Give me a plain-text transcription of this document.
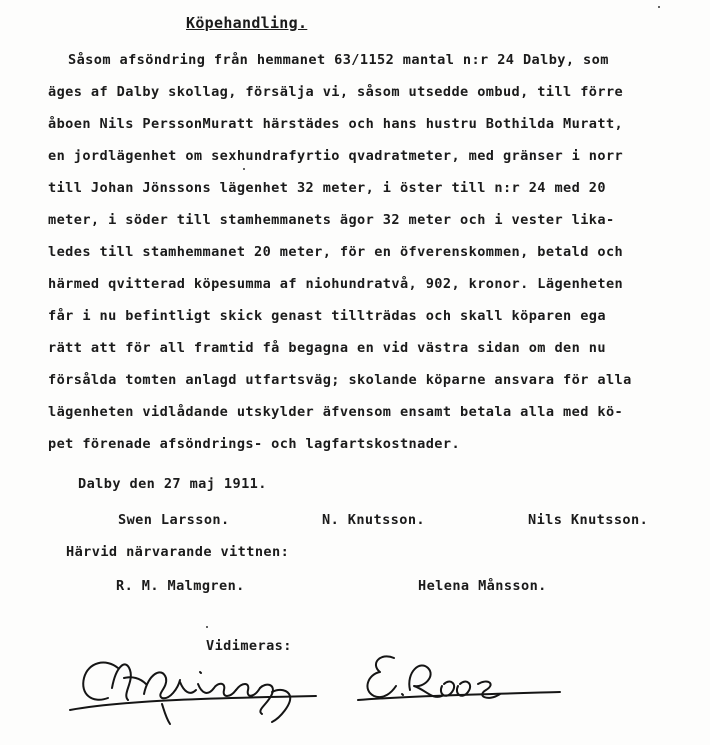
Köpehandling.
Såsom afsöndring från hemmanet 63/1152 mantal n:r 24 Dalby, som
äges af Dalby skollag, försälja vi, såsom utsedde ombud, till förre
åboen Nils PerssonMuratt härstädes och hans hustru Bothilda Muratt,
en jordlägenhet om sexhundrafyrtio qvadratmeter, med gränser i norr
till Johan Jönssons lägenhet 32 meter, i öster till n:r 24 med 20
meter, i söder till stamhemmanets ägor 32 meter och i vester lika-
ledes till stamhemmanet 20 meter, för en öfverenskommen, betald och
härmed qvitterad köpesumma af niohundratvå, 902, kronor. Lägenheten
får i nu befintligt skick genast tillträdas och skall köparen ega
rätt att för all framtid få begagna en vid västra sidan om den nu
försålda tomten anlagd utfartsväg; skolande köparne ansvara för alla
lägenheten vidlådande utskylder äfvensom ensamt betala alla med kö-
pet förenade afsöndrings- och lagfartskostnader.
Dalby den 27 maj 1911.
Swen Larsson.	N. Knutsson.	Nils Knutsson.
Härvid närvarande vittnen:
R. M. Malmgren.	Helena Månsson.
Vidimeras:
